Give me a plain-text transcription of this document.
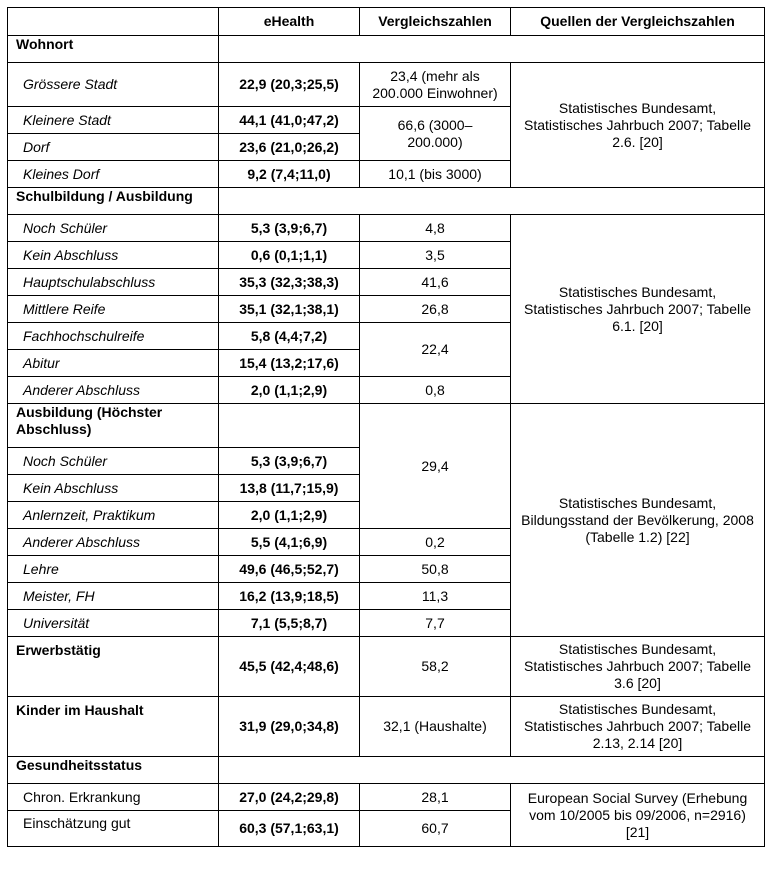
	eHealth	Vergleichszahlen	Quellen der Vergleichszahlen
Wohnort			
Grössere Stadt	22,9 (20,3;25,5)	23,4 (mehr als 200.000 Einwohner)	Statistisches Bundesamt, Statistisches Jahrbuch 2007; Tabelle 2.6. [20]
Kleinere Stadt	44,1 (41,0;47,2)	66,6 (3000–200.000)	
Dorf	23,6 (21,0;26,2)		
Kleines Dorf	9,2 (7,4;11,0)	10,1 (bis 3000)	
Schulbildung / Ausbildung			
Noch Schüler	5,3 (3,9;6,7)	4,8	Statistisches Bundesamt, Statistisches Jahrbuch 2007; Tabelle 6.1. [20]
Kein Abschluss	0,6 (0,1;1,1)	3,5	
Hauptschulabschluss	35,3 (32,3;38,3)	41,6	
Mittlere Reife	35,1 (32,1;38,1)	26,8	
Fachhochschulreife	5,8 (4,4;7,2)	22,4	
Abitur	15,4 (13,2;17,6)		
Anderer Abschluss	2,0 (1,1;2,9)	0,8	
Ausbildung (Höchster Abschluss)		29,4	Statistisches Bundesamt, Bildungsstand der Bevölkerung, 2008 (Tabelle 1.2) [22]
Noch Schüler	5,3 (3,9;6,7)		
Kein Abschluss	13,8 (11,7;15,9)		
Anlernzeit, Praktikum	2,0 (1,1;2,9)		
Anderer Abschluss	5,5 (4,1;6,9)	0,2	
Lehre	49,6 (46,5;52,7)	50,8	
Meister, FH	16,2 (13,9;18,5)	11,3	
Universität	7,1 (5,5;8,7)	7,7	
Erwerbstätig	45,5 (42,4;48,6)	58,2	Statistisches Bundesamt, Statistisches Jahrbuch 2007; Tabelle 3.6 [20]
Kinder im Haushalt	31,9 (29,0;34,8)	32,1 (Haushalte)	Statistisches Bundesamt, Statistisches Jahrbuch 2007; Tabelle 2.13, 2.14 [20]
Gesundheitsstatus			
Chron. Erkrankung	27,0 (24,2;29,8)	28,1	European Social Survey (Erhebung vom 10/2005 bis 09/2006, n=2916) [21]
Einschätzung gut	60,3 (57,1;63,1)	60,7	
